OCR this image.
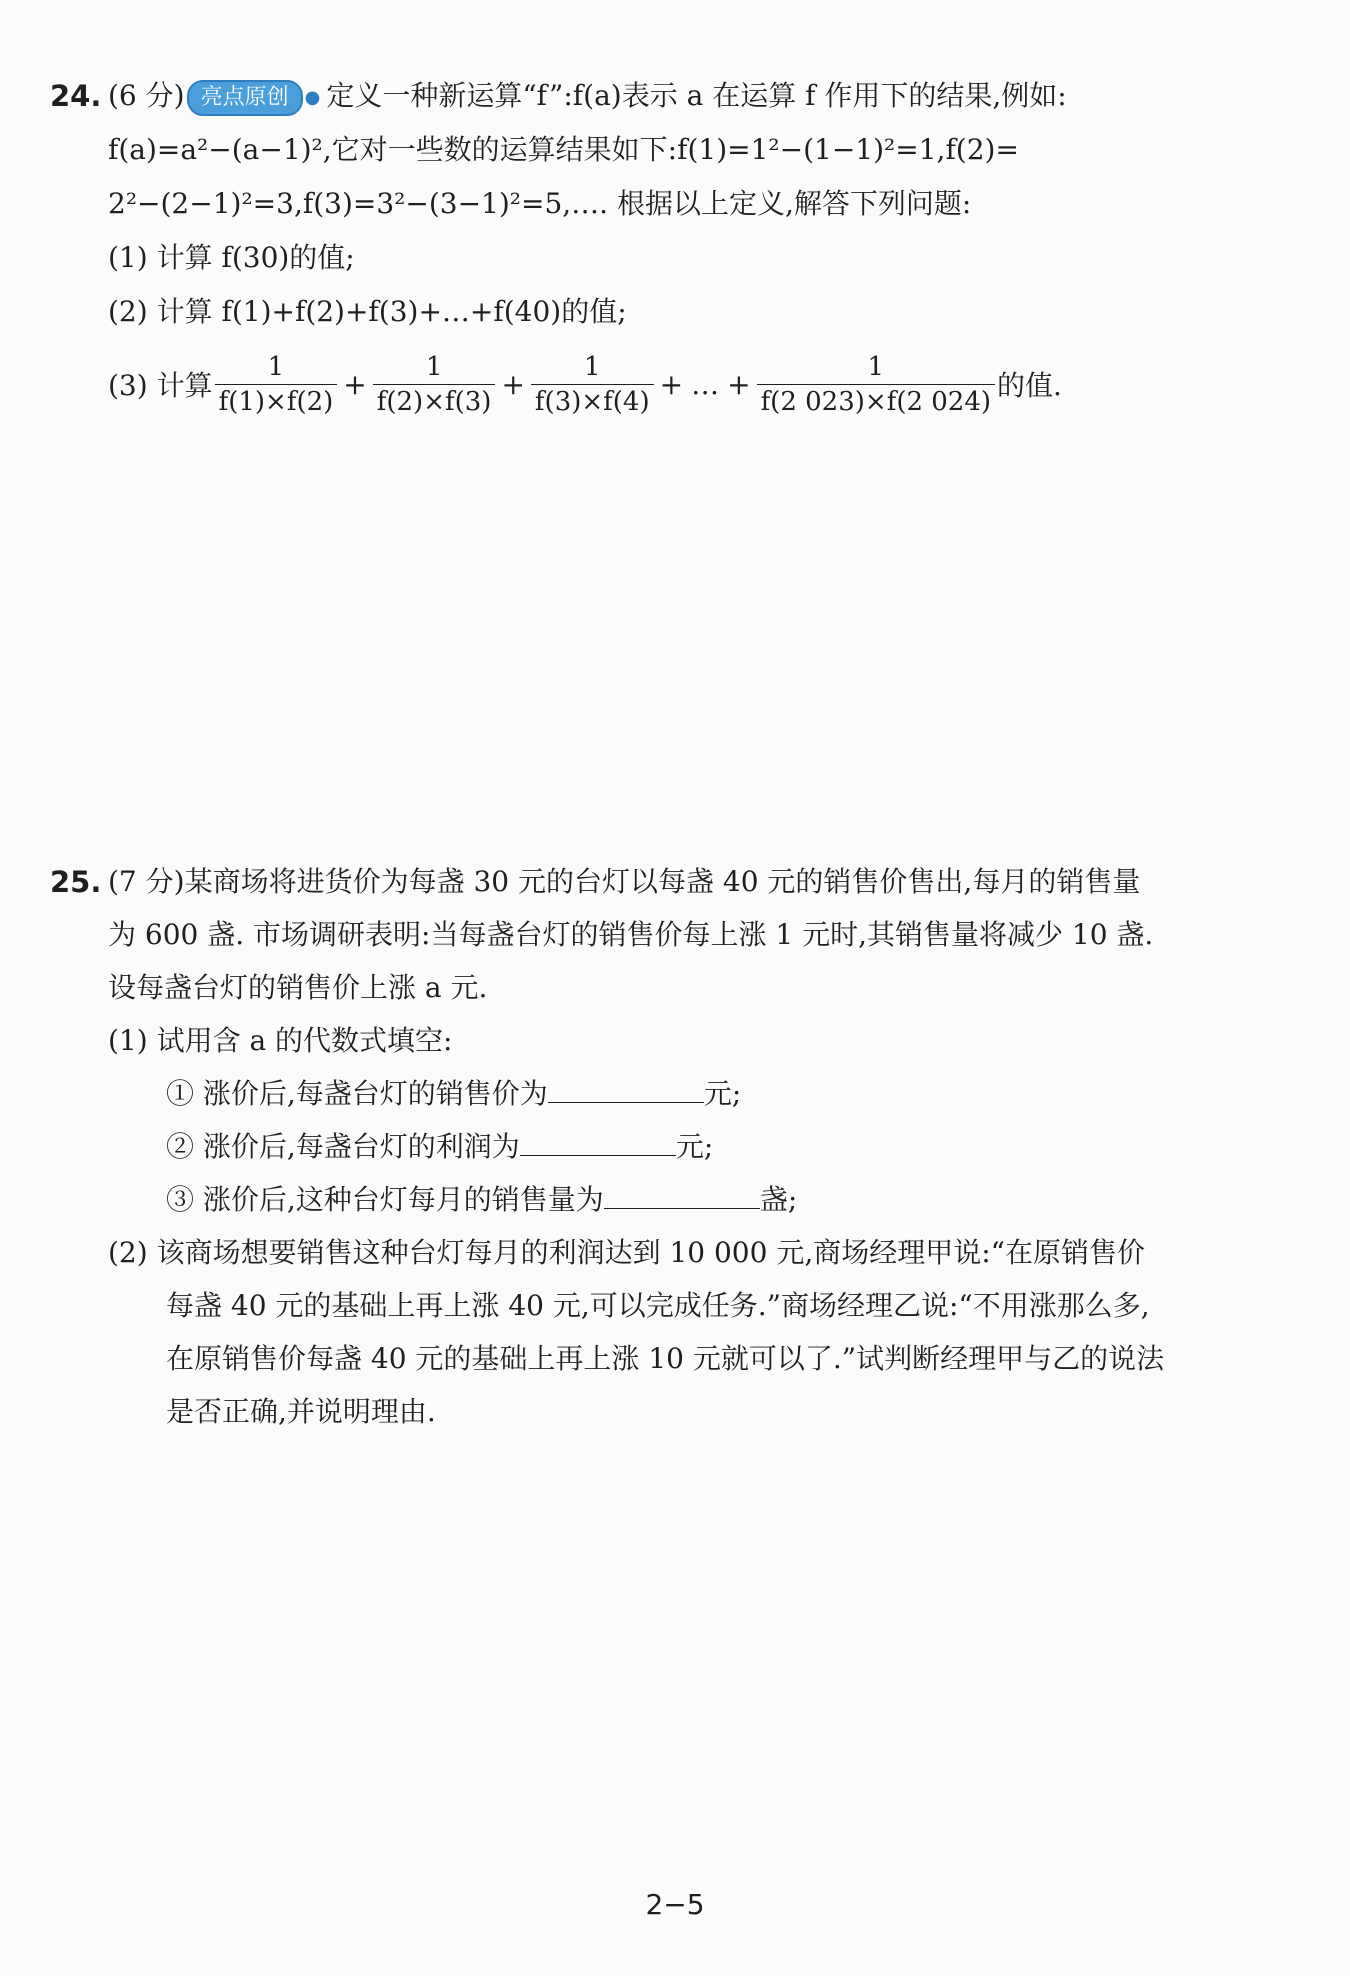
24. (6 分) 亮点原创 ● 定义一种新运算“f”:f(a)表示 a 在运算 f 作用下的结果,例如:
f(a)=a²−(a−1)²,它对一些数的运算结果如下:f(1)=1²−(1−1)²=1,f(2)=
2²−(2−1)²=3,f(3)=3²−(3−1)²=5,…. 根据以上定义,解答下列问题:
(1) 计算 f(30)的值;
(2) 计算 f(1)+f(2)+f(3)+…+f(40)的值;
(3) 计算 $\frac{1}{f(1)\times f(2)} + \frac{1}{f(2)\times f(3)} + \frac{1}{f(3)\times f(4)}$ + … + $\frac{1}{f(2 023)\times f(2 024)}$ 的值.
25. (7 分)某商场将进货价为每盏 30 元的台灯以每盏 40 元的销售价售出,每月的销售量
为 600 盏. 市场调研表明:当每盏台灯的销售价每上涨 1 元时,其销售量将减少 10 盏.
设每盏台灯的销售价上涨 a 元.
(1) 试用含 a 的代数式填空:
① 涨价后,每盏台灯的销售价为	元;
② 涨价后,每盏台灯的利润为	元;
③ 涨价后,这种台灯每月的销售量为	盏;
(2) 该商场想要销售这种台灯每月的利润达到 10 000 元,商场经理甲说:“在原销售价
每盏 40 元的基础上再上涨 40 元,可以完成任务.”商场经理乙说:“不用涨那么多,
在原销售价每盏 40 元的基础上再上涨 10 元就可以了.”试判断经理甲与乙的说法
是否正确,并说明理由.
2−5
